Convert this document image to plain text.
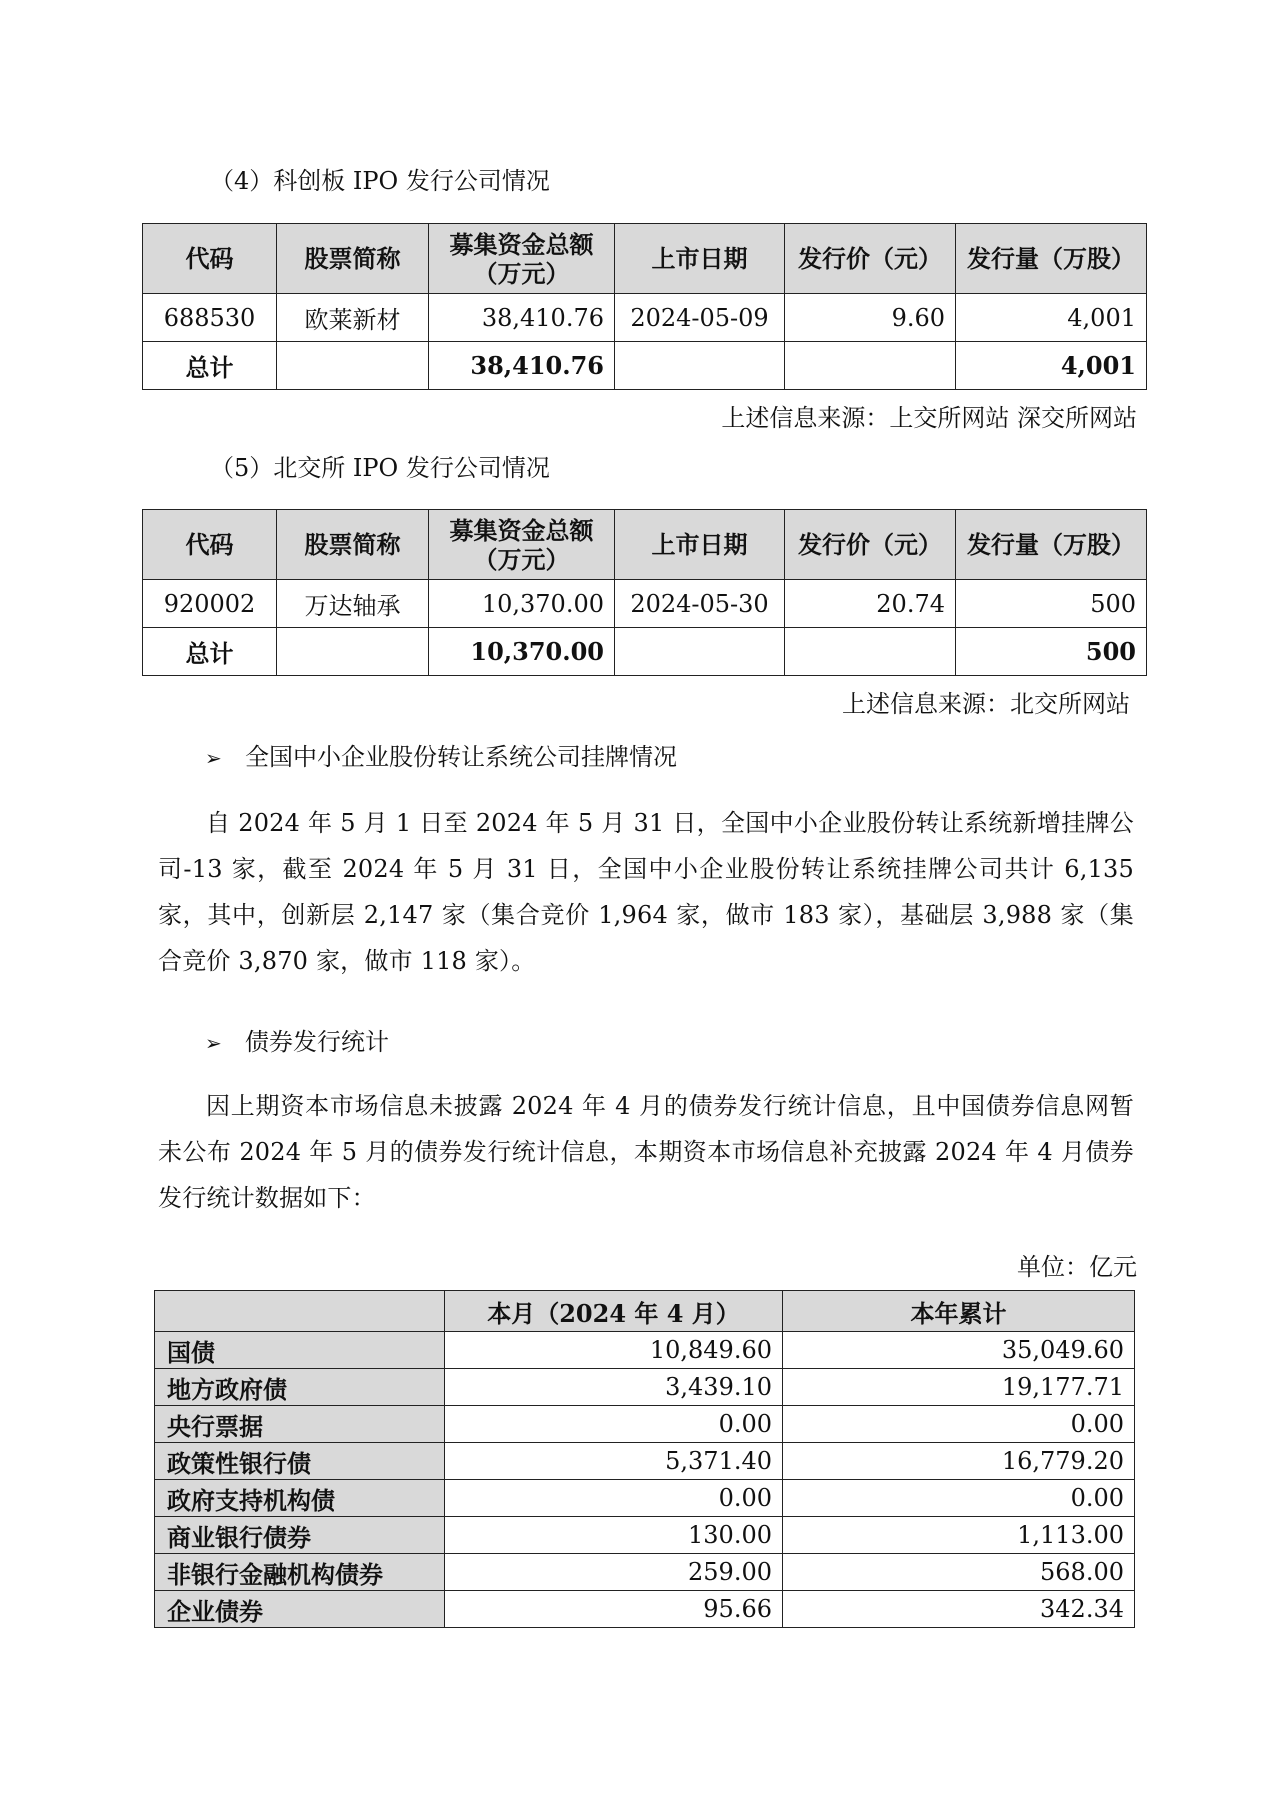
（4）科创板 IPO 发行公司情况
代码	股票简称	募集资金总额（万元）	上市日期	发行价（元）	发行量（万股）
688530	欧莱新材	38,410.76	2024-05-09	9.60	4,001
总计		38,410.76			4,001
上述信息来源：上交所网站 深交所网站
（5）北交所 IPO 发行公司情况
代码	股票简称	募集资金总额（万元）	上市日期	发行价（元）	发行量（万股）
920002	万达轴承	10,370.00	2024-05-30	20.74	500
总计		10,370.00			500
上述信息来源：北交所网站
➢ 全国中小企业股份转让系统公司挂牌情况
自 2024 年 5 月 1 日至 2024 年 5 月 31 日，全国中小企业股份转让系统新增挂牌公司-13 家，截至 2024 年 5 月 31 日，全国中小企业股份转让系统挂牌公司共计 6,135 家，其中，创新层 2,147 家（集合竞价 1,964 家，做市 183 家），基础层 3,988 家（集合竞价 3,870 家，做市 118 家）。
➢ 债券发行统计
因上期资本市场信息未披露 2024 年 4 月的债券发行统计信息，且中国债券信息网暂未公布 2024 年 5 月的债券发行统计信息，本期资本市场信息补充披露 2024 年 4 月债券发行统计数据如下：
单位：亿元
	本月（2024 年 4 月）	本年累计
国债	10,849.60	35,049.60
地方政府债	3,439.10	19,177.71
央行票据	0.00	0.00
政策性银行债	5,371.40	16,779.20
政府支持机构债	0.00	0.00
商业银行债券	130.00	1,113.00
非银行金融机构债券	259.00	568.00
企业债券	95.66	342.34
